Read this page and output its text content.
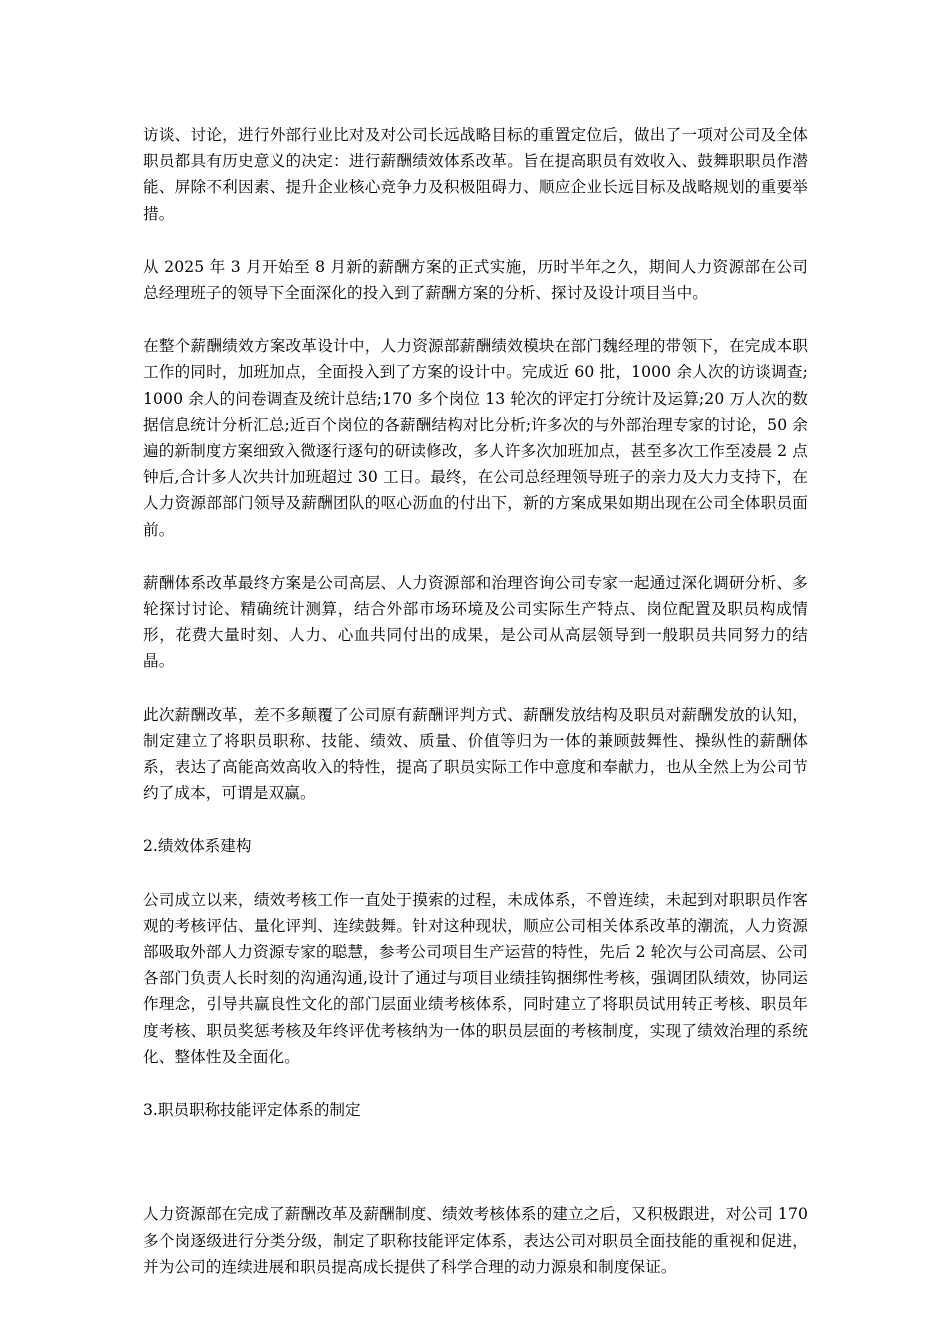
访谈、讨论，进行外部行业比对及对公司长远战略目标的重置定位后，做出了一项对公司及全体职员都具有历史意义的决定：进行薪酬绩效体系改革。旨在提高职员有效收入、鼓舞职职员作潜能、屏除不利因素、提升企业核心竞争力及积极阻碍力、顺应企业长远目标及战略规划的重要举措。

从 2025 年 3 月开始至 8 月新的薪酬方案的正式实施，历时半年之久，期间人力资源部在公司总经理班子的领导下全面深化的投入到了薪酬方案的分析、探讨及设计项目当中。

在整个薪酬绩效方案改革设计中，人力资源部薪酬绩效模块在部门魏经理的带领下，在完成本职工作的同时，加班加点，全面投入到了方案的设计中。完成近 60 批，1000 余人次的访谈调查;1000 余人的问卷调查及统计总结;170 多个岗位 13 轮次的评定打分统计及运算;20 万人次的数据信息统计分析汇总;近百个岗位的各薪酬结构对比分析;许多次的与外部治理专家的讨论，50 余遍的新制度方案细致入微逐行逐句的研读修改，多人许多次加班加点，甚至多次工作至凌晨 2 点钟后,合计多人次共计加班超过 30 工日。最终，在公司总经理领导班子的亲力及大力支持下，在人力资源部部门领导及薪酬团队的呕心沥血的付出下，新的方案成果如期出现在公司全体职员面前。

薪酬体系改革最终方案是公司高层、人力资源部和治理咨询公司专家一起通过深化调研分析、多轮探讨讨论、精确统计测算，结合外部市场环境及公司实际生产特点、岗位配置及职员构成情形，花费大量时刻、人力、心血共同付出的成果，是公司从高层领导到一般职员共同努力的结晶。

此次薪酬改革，差不多颠覆了公司原有薪酬评判方式、薪酬发放结构及职员对薪酬发放的认知，制定建立了将职员职称、技能、绩效、质量、价值等归为一体的兼顾鼓舞性、操纵性的薪酬体系，表达了高能高效高收入的特性，提高了职员实际工作中意度和奉献力，也从全然上为公司节约了成本，可谓是双赢。

2.绩效体系建构

公司成立以来，绩效考核工作一直处于摸索的过程，未成体系，不曾连续，未起到对职职员作客观的考核评估、量化评判、连续鼓舞。针对这种现状，顺应公司相关体系改革的潮流，人力资源部吸取外部人力资源专家的聪慧，参考公司项目生产运营的特性，先后 2 轮次与公司高层、公司各部门负责人长时刻的沟通沟通,设计了通过与项目业绩挂钩捆绑性考核，强调团队绩效，协同运作理念，引导共赢良性文化的部门层面业绩考核体系，同时建立了将职员试用转正考核、职员年度考核、职员奖惩考核及年终评优考核纳为一体的职员层面的考核制度，实现了绩效治理的系统化、整体性及全面化。

3.职员职称技能评定体系的制定

人力资源部在完成了薪酬改革及薪酬制度、绩效考核体系的建立之后，又积极跟进，对公司 170 多个岗逐级进行分类分级，制定了职称技能评定体系，表达公司对职员全面技能的重视和促进，并为公司的连续进展和职员提高成长提供了科学合理的动力源泉和制度保证。
